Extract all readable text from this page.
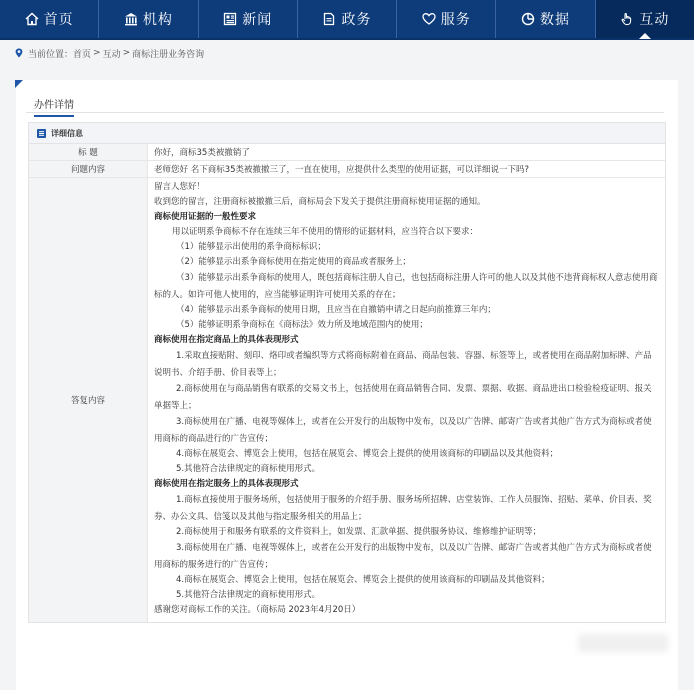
首页	机构	新闻	政务	服务	数据	互动
当前位置： 首页 > 互动 > 商标注册业务咨询
办件详情
详细信息
标 题	你好，商标35类被撤销了
问题内容	老师您好 名下商标35类被撤撤三了，一直在使用，应提供什么类型的使用证据，可以详细说一下吗?
答复内容
留言人您好！
收到您的留言，注册商标被撤撤三后，商标局会下发关于提供注册商标使用证据的通知。
商标使用证据的一般性要求
用以证明系争商标不存在连续三年不使用的情形的证据材料，应当符合以下要求：
（1）能够显示出使用的系争商标标识；
（2）能够显示出系争商标使用在指定使用的商品或者服务上；
（3）能够显示出系争商标的使用人，既包括商标注册人自己，也包括商标注册人许可的他人以及其他不违背商标权人意志使用商标的人。如许可他人使用的，应当能够证明许可使用关系的存在；
（4）能够显示出系争商标的使用日期，且应当在自撤销申请之日起向前推算三年内；
（5）能够证明系争商标在《商标法》效力所及地域范围内的使用；
商标使用在指定商品上的具体表现形式
1.采取直接贴附、刻印、烙印或者编织等方式将商标附着在商品、商品包装、容器、标签等上，或者使用在商品附加标牌、产品说明书、介绍手册、价目表等上；
2.商标使用在与商品销售有联系的交易文书上，包括使用在商品销售合同、发票、票据、收据、商品进出口检验检疫证明、报关单据等上；
3.商标使用在广播、电视等媒体上，或者在公开发行的出版物中发布，以及以广告牌、邮寄广告或者其他广告方式为商标或者使用商标的商品进行的广告宣传；
4.商标在展览会、博览会上使用，包括在展览会、博览会上提供的使用该商标的印刷品以及其他资料；
5.其他符合法律规定的商标使用形式。
商标使用在指定服务上的具体表现形式
1.商标直接使用于服务场所，包括使用于服务的介绍手册、服务场所招牌、店堂装饰、工作人员服饰、招贴、菜单、价目表、奖券、办公文具、信笺以及其他与指定服务相关的用品上；
2.商标使用于和服务有联系的文件资料上，如发票、汇款单据、提供服务协议、维修维护证明等；
3.商标使用在广播、电视等媒体上，或者在公开发行的出版物中发布，以及以广告牌、邮寄广告或者其他广告方式为商标或者使用商标的服务进行的广告宣传；
4.商标在展览会、博览会上使用，包括在展览会、博览会上提供的使用该商标的印刷品及其他资料；
5.其他符合法律规定的商标使用形式。
感谢您对商标工作的关注。（商标局 2023年4月20日）
